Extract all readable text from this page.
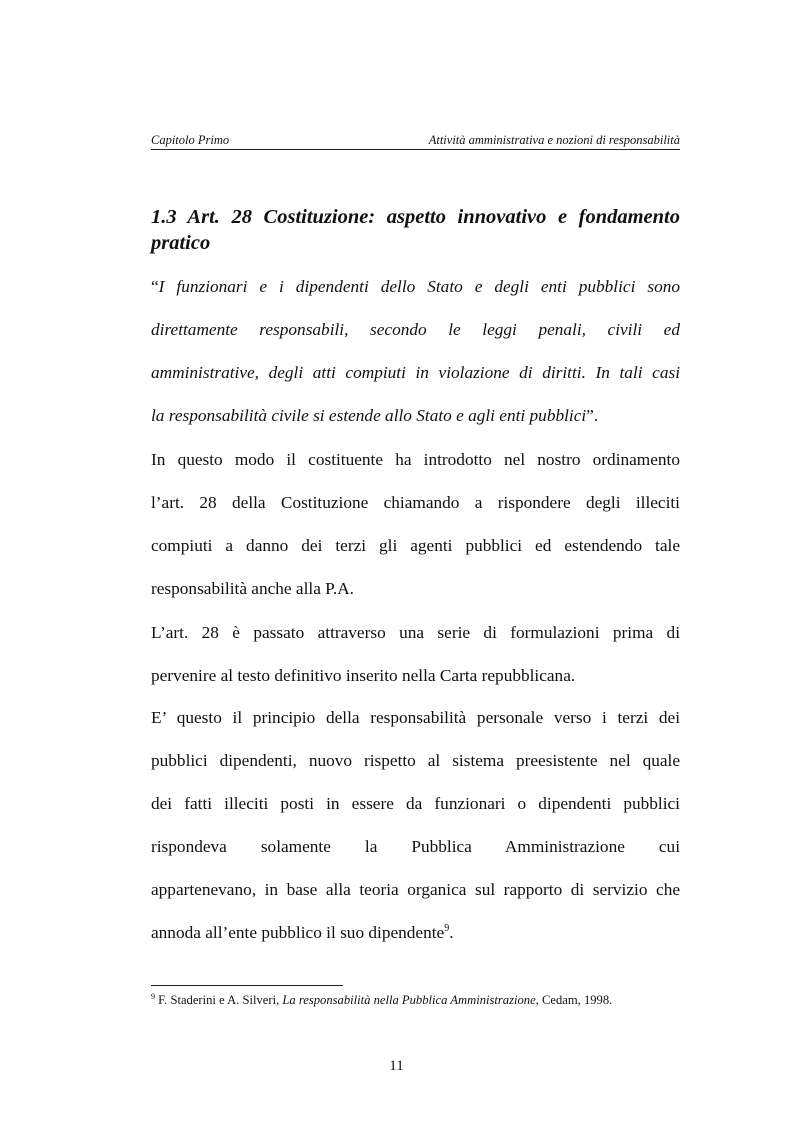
Capitolo Primo	Attività amministrativa e nozioni di responsabilità
1.3 Art. 28 Costituzione: aspetto innovativo e fondamento pratico
“I funzionari e i dipendenti dello Stato e degli enti pubblici sono
direttamente responsabili, secondo le leggi penali, civili ed
amministrative, degli atti compiuti in violazione di diritti. In tali casi
la responsabilità civile si estende allo Stato e agli enti pubblici”.
In questo modo il costituente ha introdotto nel nostro ordinamento
l’art. 28 della Costituzione chiamando a rispondere degli illeciti
compiuti a danno dei terzi gli agenti pubblici ed estendendo tale
responsabilità anche alla P.A.
L’art. 28 è passato attraverso una serie di formulazioni prima di
pervenire al testo definitivo inserito nella Carta repubblicana.
E’ questo il principio della responsabilità personale verso i terzi dei
pubblici dipendenti, nuovo rispetto al sistema preesistente nel quale
dei fatti illeciti posti in essere da funzionari o dipendenti pubblici
rispondeva solamente la Pubblica Amministrazione cui
appartenevano, in base alla teoria organica sul rapporto di servizio che
annoda all’ente pubblico il suo dipendente$^9$.
$^9$ F. Staderini e A. Silveri, La responsabilità nella Pubblica Amministrazione, Cedam, 1998.
11
